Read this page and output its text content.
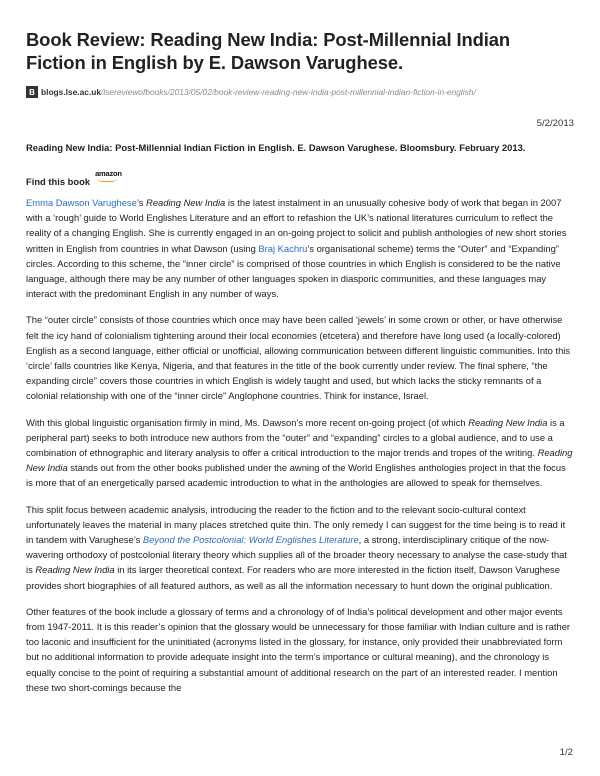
Book Review: Reading New India: Post-Millennial Indian Fiction in English by E. Dawson Varughese.
B blogs.lse.ac.uk /lsereviewofbooks/2013/05/02/book-review-reading-new-india-post-millennial-indian-fiction-in-english/
5/2/2013
Reading New India: Post-Millennial Indian Fiction in English. E. Dawson Varughese. Bloomsbury. February 2013.
Find this book
amazon

Emma Dawson Varughese’s Reading New India is the latest instalment in an unusually cohesive body of work that began in 2007 with a ‘rough’ guide to World Englishes Literature and an effort to refashion the UK’s national literatures curriculum to reflect the reality of a changing English. She is currently engaged in an on-going project to solicit and publish anthologies of new short stories written in English from countries in what Dawson (using Braj Kachru’s organisational scheme) terms the “Outer” and “Expanding” circles. According to this scheme, the “inner circle” is comprised of those countries in which English is considered to be the native language, although there may be any number of other languages spoken in diasporic communities, and these languages may interact with the predominant English in any number of ways.

The “outer circle” consists of those countries which once may have been called ‘jewels’ in some crown or other, or have otherwise felt the icy hand of colonialism tightening around their local economies (etcetera) and therefore have long used (a locally-colored) English as a second language, either official or unofficial, allowing communication between different linguistic communities. Into this ‘circle’ falls countries like Kenya, Nigeria, and that features in the title of the book currently under review. The final sphere, “the expanding circle” covers those countries in which English is widely taught and used, but which lacks the sticky remnants of a colonial relationship with one of the “inner circle” Anglophone countries. Think for instance, Israel.

With this global linguistic organisation firmly in mind, Ms. Dawson’s more recent on-going project (of which Reading New India is a peripheral part) seeks to both introduce new authors from the “outer” and “expanding” circles to a global audience, and to use a combination of ethnographic and literary analysis to offer a critical introduction to the major trends and tropes of the writing. Reading New India stands out from the other books published under the awning of the World Englishes anthologies project in that the focus is more that of an energetically parsed academic introduction to what in the anthologies are allowed to speak for themselves.

This split focus between academic analysis, introducing the reader to the fiction and to the relevant socio-cultural context unfortunately leaves the material in many places stretched quite thin. The only remedy I can suggest for the time being is to read it in tandem with Varughese’s Beyond the Postcolonial: World Englishes Literature, a strong, interdisciplinary critique of the now-wavering orthodoxy of postcolonial literary theory which supplies all of the broader theory necessary to analyse the case-study that is Reading New India in its larger theoretical context. For readers who are more interested in the fiction itself, Dawson Varughese provides short biographies of all featured authors, as well as all the information necessary to hunt down the original publication.

Other features of the book include a glossary of terms and a chronology of of India’s political development and other major events from 1947-2011. It is this reader’s opinion that the glossary would be unnecessary for those familiar with Indian culture and is rather too laconic and insufficient for the uninitiated (acronyms listed in the glossary, for instance, only provided their unabbreviated form but no additional information to provide adequate insight into the term’s importance or cultural meaning), and the chronology is equally concise to the point of requiring a substantial amount of additional research on the part of an interested reader. I mention these two short-comings because the

1/2
